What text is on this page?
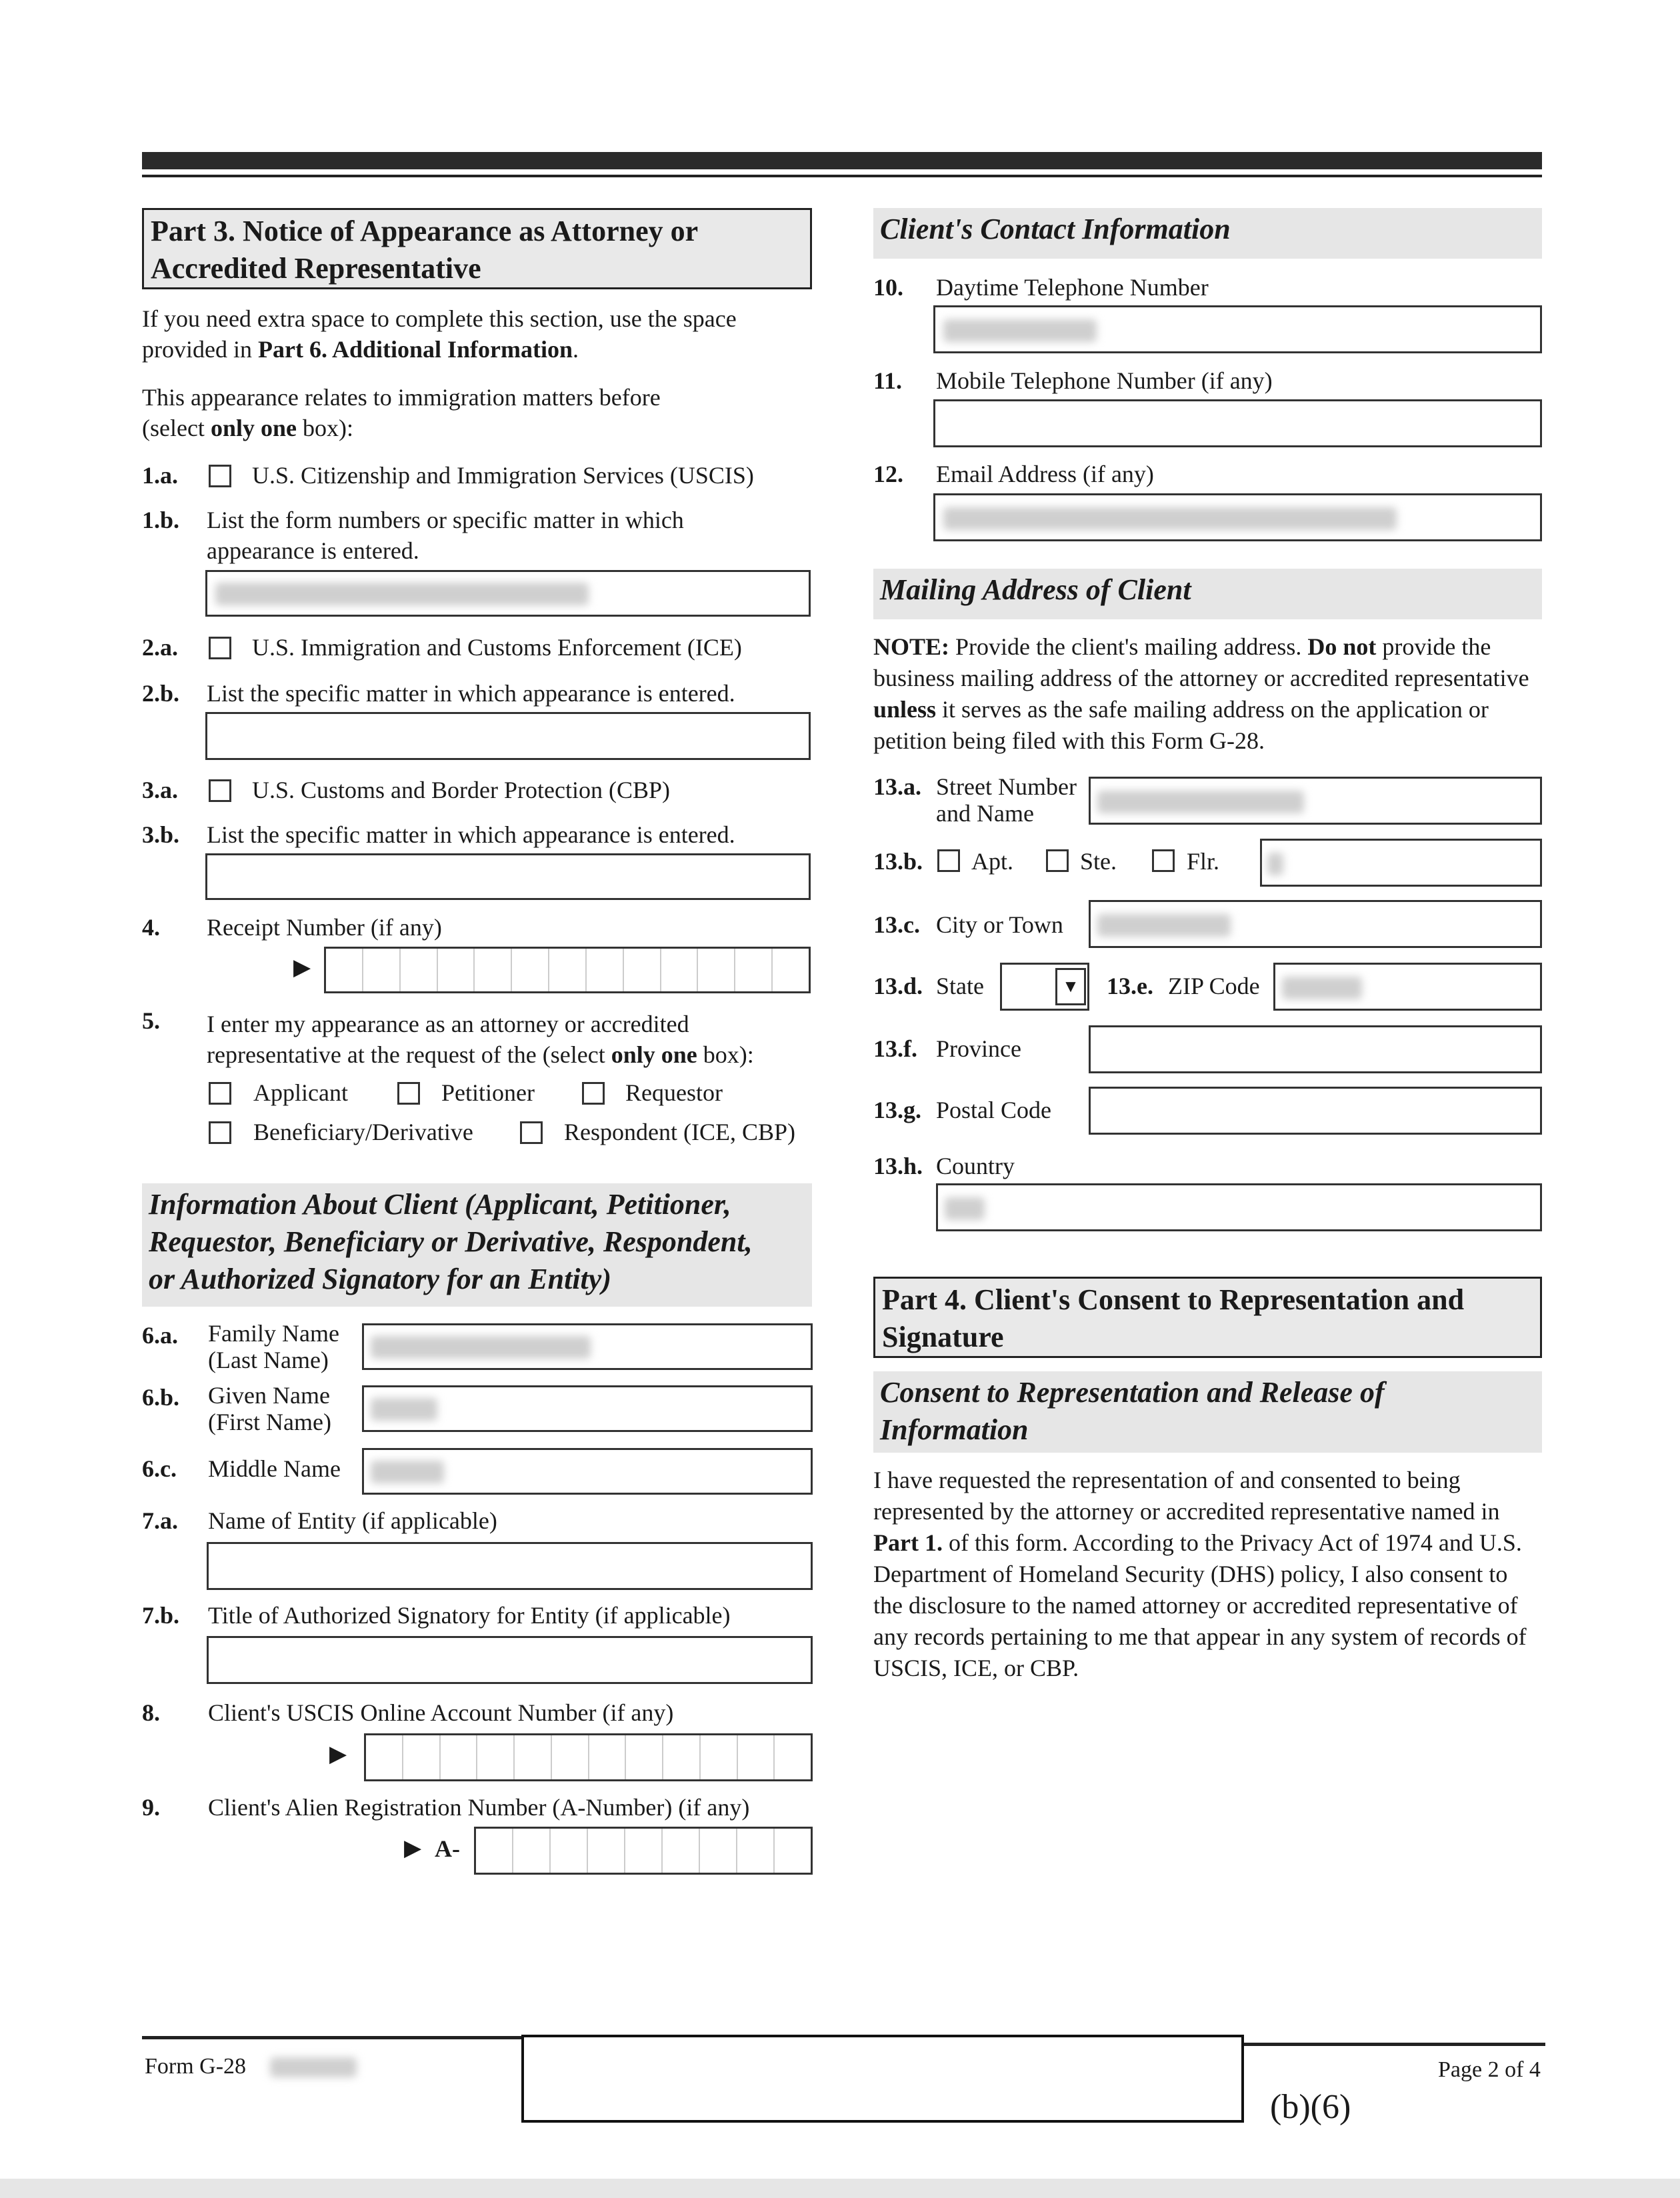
Part 3. Notice of Appearance as Attorney or
Accredited Representative
If you need extra space to complete this section, use the space
provided in Part 6. Additional Information.
This appearance relates to immigration matters before
(select only one box):
1.a.	U.S. Citizenship and Immigration Services (USCIS)
1.b. List the form numbers or specific matter in which
appearance is entered.
2.a.	U.S. Immigration and Customs Enforcement (ICE)
2.b. List the specific matter in which appearance is entered.
3.a.	U.S. Customs and Border Protection (CBP)
3.b. List the specific matter in which appearance is entered.
4. Receipt Number (if any)
▶
5. I enter my appearance as an attorney or accredited
representative at the request of the (select only one box):
Applicant	Petitioner	Requestor
Beneficiary/Derivative	Respondent (ICE, CBP)
Information About Client (Applicant, Petitioner,
Requestor, Beneficiary or Derivative, Respondent,
or Authorized Signatory for an Entity)
6.a. Family Name
(Last Name)
6.b. Given Name
(First Name)
6.c. Middle Name
7.a. Name of Entity (if applicable)
7.b. Title of Authorized Signatory for Entity (if applicable)
8. Client's USCIS Online Account Number (if any)
▶
9. Client's Alien Registration Number (A-Number) (if any)
▶ A-
Client's Contact Information
10. Daytime Telephone Number
11. Mobile Telephone Number (if any)
12. Email Address (if any)
Mailing Address of Client
NOTE: Provide the client's mailing address. Do not provide the business mailing address of the attorney or accredited representative unless it serves as the safe mailing address on the application or petition being filed with this Form G-28.
13.a. Street Number
and Name
13.b. Apt.	Ste.	Flr.
13.c. City or Town
13.d. State	▼ 13.e. ZIP Code
13.f. Province
13.g. Postal Code
13.h. Country
Part 4. Client's Consent to Representation and
Signature
Consent to Representation and Release of
Information
I have requested the representation of and consented to being represented by the attorney or accredited representative named in Part 1. of this form. According to the Privacy Act of 1974 and U.S. Department of Homeland Security (DHS) policy, I also consent to the disclosure to the named attorney or accredited representative of any records pertaining to me that appear in any system of records of USCIS, ICE, or CBP.
Form G-28	Page 2 of 4
(b)(6)
